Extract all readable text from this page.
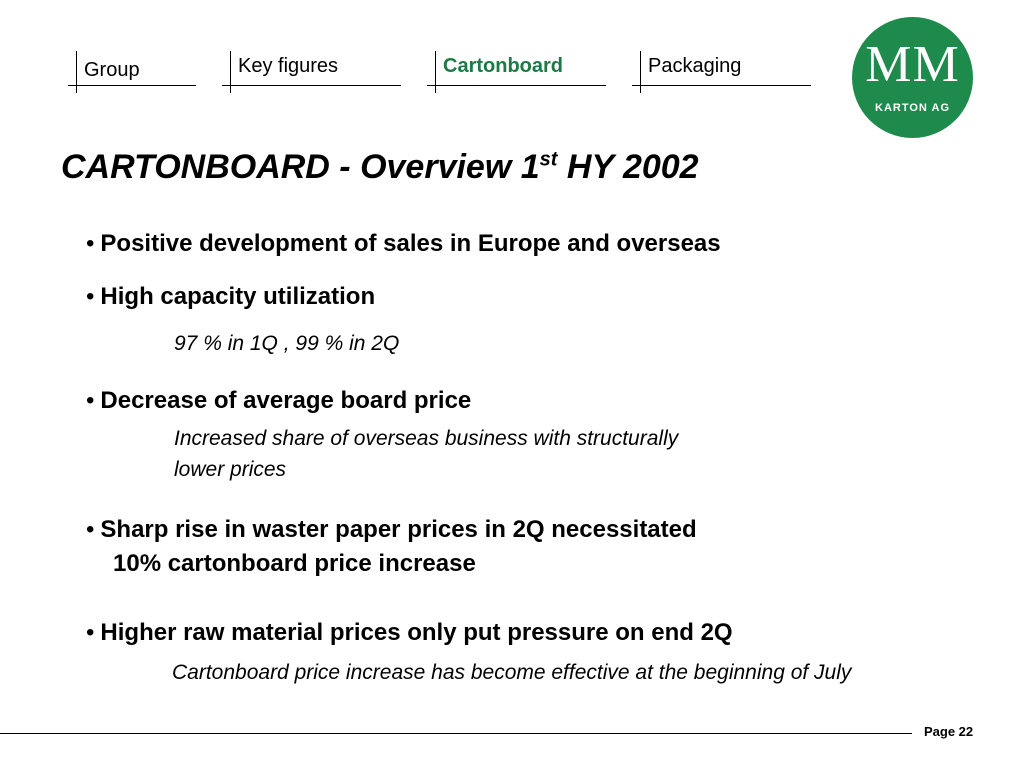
Group	Key figures	Cartonboard	Packaging MM
KARTON AG
CARTONBOARD - Overview 1st HY 2002
• Positive development of sales in Europe and overseas
• High capacity utilization
97 % in 1Q , 99 % in 2Q
• Decrease of average board price
Increased share of overseas business with structurally
lower prices
• Sharp rise in waster paper prices in 2Q necessitated
10% cartonboard price increase
• Higher raw material prices only put pressure on end 2Q
Cartonboard price increase has become effective at the beginning of July
Page 22
